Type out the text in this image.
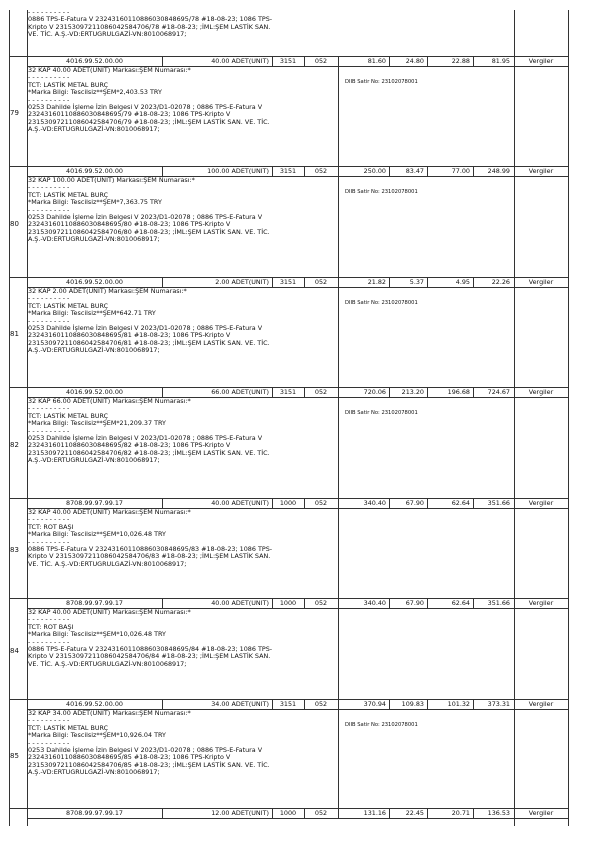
- - - - - - - - - -
0886 TPS-E-Fatura V 2324316011088603084869​5/78 #18-08-23; 1086 TPS-
Kripto V 2315309721108604258470​6/78 #18-08-23; ;İML:ŞEM LASTİK SAN.
VE. TİC. A.Ş.-VD:ERTUGRULGAZİ-VN:8010068917;
4016.99.52.00.00	40.00 ADET(UNIT)	3151	052	81.60	24.80	22.88	81.95	Vergiler
32 KAP 40.00 ADET(UNIT) Markası:ŞEM Numarası:*
- - - - - - - - - -
TCT: LASTİK METAL BURÇ
*Marka Bilgi: Tescilsiz**ŞEM*2,403.53 TRY
- - - - - - - - - -
0253 Dahilde İşleme İzin Belgesi V 2023/D1-02078 ; 0886 TPS-E-Fatura V
23243160110886030848695/79 #18-08-23; 1086 TPS-Kripto V
23153097211086042584706/79 #18-08-23; ;İML:ŞEM LASTİK SAN. VE. TİC.
A.Ş.-VD:ERTUGRULGAZİ-VN:8010068917;
DIIB Satir No: 23102078001
79
4016.99.52.00.00	100.00 ADET(UNIT)	3151	052	250.00	83.47	77.00	248.99	Vergiler
32 KAP 100.00 ADET(UNIT) Markası:ŞEM Numarası:*
- - - - - - - - - -
TCT: LASTİK METAL BURÇ
*Marka Bilgi: Tescilsiz**ŞEM*7,363.75 TRY
- - - - - - - - - -
0253 Dahilde İşleme İzin Belgesi V 2023/D1-02078 ; 0886 TPS-E-Fatura V
23243160110886030848695/80 #18-08-23; 1086 TPS-Kripto V
23153097211086042584706/80 #18-08-23; ;İML:ŞEM LASTİK SAN. VE. TİC.
A.Ş.-VD:ERTUGRULGAZİ-VN:8010068917;
DIIB Satir No: 23102078001
80
4016.99.52.00.00	2.00 ADET(UNIT)	3151	052	21.82	5.37	4.95	22.26	Vergiler
32 KAP 2.00 ADET(UNIT) Markası:ŞEM Numarası:*
- - - - - - - - - -
TCT: LASTİK METAL BURÇ
*Marka Bilgi: Tescilsiz**ŞEM*642.71 TRY
- - - - - - - - - -
0253 Dahilde İşleme İzin Belgesi V 2023/D1-02078 ; 0886 TPS-E-Fatura V
23243160110886030848695/81 #18-08-23; 1086 TPS-Kripto V
23153097211086042584706/81 #18-08-23; ;İML:ŞEM LASTİK SAN. VE. TİC.
A.Ş.-VD:ERTUGRULGAZİ-VN:8010068917;
DIIB Satir No: 23102078001
81
4016.99.52.00.00	66.00 ADET(UNIT)	3151	052	720.06	213.20	196.68	724.67	Vergiler
32 KAP 66.00 ADET(UNIT) Markası:ŞEM Numarası:*
- - - - - - - - - -
TCT: LASTİK METAL BURÇ
*Marka Bilgi: Tescilsiz**ŞEM*21,209.37 TRY
- - - - - - - - - -
0253 Dahilde İşleme İzin Belgesi V 2023/D1-02078 ; 0886 TPS-E-Fatura V
23243160110886030848695/82 #18-08-23; 1086 TPS-Kripto V
23153097211086042584706/82 #18-08-23; ;İML:ŞEM LASTİK SAN. VE. TİC.
A.Ş.-VD:ERTUGRULGAZİ-VN:8010068917;
DIIB Satir No: 23102078001
82
8708.99.97.99.17	40.00 ADET(UNIT)	1000	052	340.40	67.90	62.64	351.66	Vergiler
32 KAP 40.00 ADET(UNIT) Markası:ŞEM Numarası:*
- - - - - - - - - -
TCT: ROT BAŞI
*Marka Bilgi: Tescilsiz**ŞEM*10,026.48 TRY
- - - - - - - - - -
0886 TPS-E-Fatura V 23243160110886030848695/83 #18-08-23; 1086 TPS-
Kripto V 23153097211086042584706/83 #18-08-23; ;İML:ŞEM LASTİK SAN.
VE. TİC. A.Ş.-VD:ERTUGRULGAZİ-VN:8010068917;
83
8708.99.97.99.17	40.00 ADET(UNIT)	1000	052	340.40	67.90	62.64	351.66	Vergiler
32 KAP 40.00 ADET(UNIT) Markası:ŞEM Numarası:*
- - - - - - - - - -
TCT: ROT BAŞI
*Marka Bilgi: Tescilsiz**ŞEM*10,026.48 TRY
- - - - - - - - - -
0886 TPS-E-Fatura V 23243160110886030848695/84 #18-08-23; 1086 TPS-
Kripto V 23153097211086042584706/84 #18-08-23; ;İML:ŞEM LASTİK SAN.
VE. TİC. A.Ş.-VD:ERTUGRULGAZİ-VN:8010068917;
84
4016.99.52.00.00	34.00 ADET(UNIT)	3151	052	370.94	109.83	101.32	373.31	Vergiler
32 KAP 34.00 ADET(UNIT) Markası:ŞEM Numarası:*
- - - - - - - - - -
TCT: LASTİK METAL BURÇ
*Marka Bilgi: Tescilsiz**ŞEM*10,926.04 TRY
- - - - - - - - - -
0253 Dahilde İşleme İzin Belgesi V 2023/D1-02078 ; 0886 TPS-E-Fatura V
23243160110886030848695/85 #18-08-23; 1086 TPS-Kripto V
23153097211086042584706/85 #18-08-23; ;İML:ŞEM LASTİK SAN. VE. TİC.
A.Ş.-VD:ERTUGRULGAZİ-VN:8010068917;
DIIB Satir No: 23102078001
85
8708.99.97.99.17	12.00 ADET(UNIT)	1000	052	131.16	22.45	20.71	136.53	Vergiler
